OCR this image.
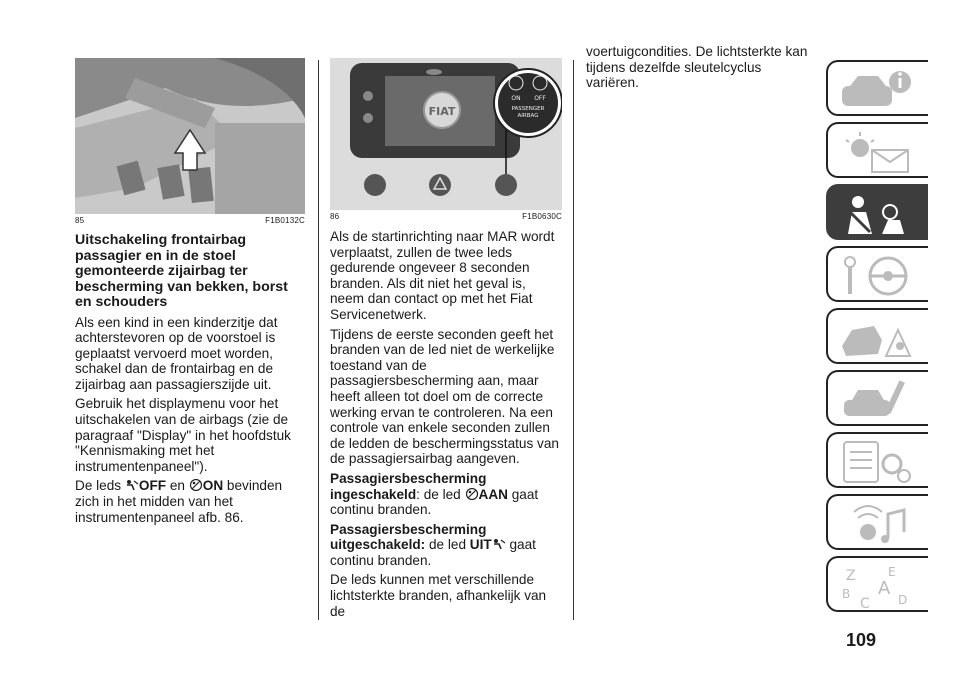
85	F1B0132C
Uitschakeling frontairbag passagier en in de stoel gemonteerde zijairbag ter bescherming van bekken, borst en schouders

Als een kind in een kinderzitje dat achterstevoren op de voorstoel is geplaatst vervoerd moet worden, schakel dan de frontairbag en de zijairbag aan passagierszijde uit.

Gebruik het displaymenu voor het uitschakelen van de airbags (zie de paragraaf "Display" in het hoofdstuk "Kennismaking met het instrumentenpaneel").

De leds OFF en ON bevinden zich in het midden van het instrumentenpaneel afb. 86.

FIAT
ON OFF
PASSENGER
AIRBAG
86	F1B0630C

Als de startinrichting naar MAR wordt verplaatst, zullen de twee leds gedurende ongeveer 8 seconden branden. Als dit niet het geval is, neem dan contact op met het Fiat Servicenetwerk.

Tijdens de eerste seconden geeft het branden van de led niet de werkelijke toestand van de passagiersbescherming aan, maar heeft alleen tot doel om de correcte werking ervan te controleren. Na een controle van enkele seconden zullen de ledden de beschermingsstatus van de passagiersairbag aangeven.

Passagiersbescherming ingeschakeld: de led AAN gaat continu branden.

Passagiersbescherming uitgeschakeld: de led UIT gaat continu branden.

De leds kunnen met verschillende lichtsterkte branden, afhankelijk van de

voertuigcondities. De lichtsterkte kan tijdens dezelfde sleutelcyclus variëren.

Z	E
B A
C D
109
